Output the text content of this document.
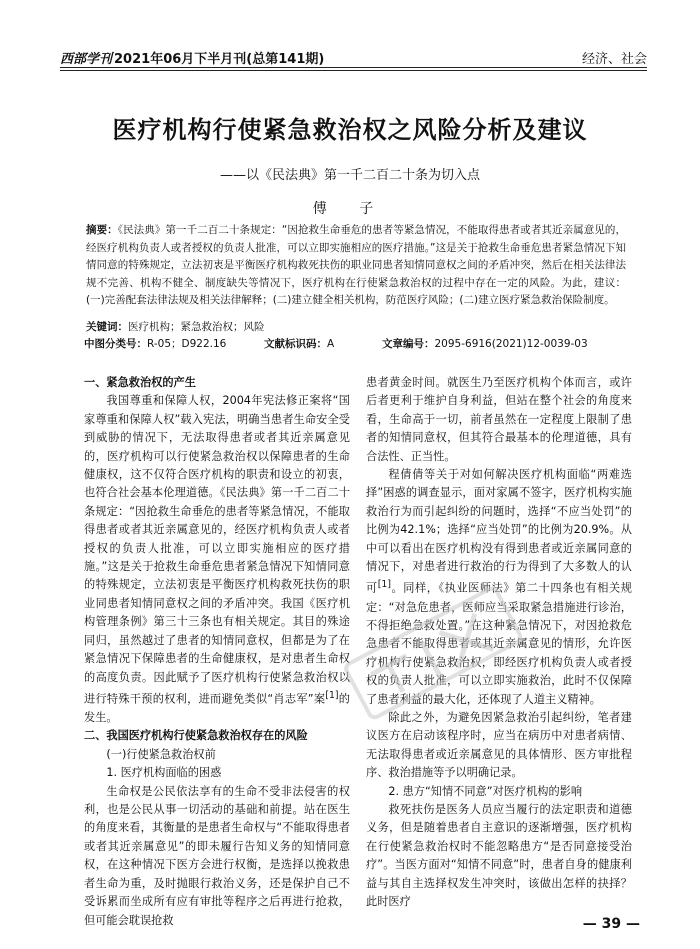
西部学刊 2021年06月下半月刊(总第141期)	经济、社会
医疗机构行使紧急救治权之风险分析及建议
——以《民法典》第一千二百二十条为切入点
傅 子
摘要：《民法典》第一千二百二十条规定：“因抢救生命垂危的患者等紧急情况，不能取得患者或者其近亲属意见的，经医疗机构负责人或者授权的负责人批准，可以立即实施相应的医疗措施。”这是关于抢救生命垂危患者紧急情况下知情同意的特殊规定，立法初衷是平衡医疗机构救死扶伤的职业同患者知情同意权之间的矛盾冲突，然后在相关法律法规不完善、机构不健全、制度缺失等情况下，医疗机构在行使紧急救治权的过程中存在一定的风险。为此，建议：(一)完善配套法律法规及相关法律解释；(二)建立健全相关机构，防范医疗风险；(二)建立医疗紧急救治保险制度。
关键词：医疗机构；紧急救治权；风险
中图分类号：R-05；D922.16	文献标识码：A	文章编号：2095-6916(2021)12-0039-03
一、紧急救治权的产生

我国尊重和保障人权，2004年宪法修正案将“国家尊重和保障人权”载入宪法，明确当患者生命安全受到威胁的情况下，无法取得患者或者其近亲属意见的，医疗机构可以行使紧急救治权以保障患者的生命健康权，这不仅符合医疗机构的职责和设立的初衷，也符合社会基本伦理道德。《民法典》第一千二百二十条规定：“因抢救生命垂危的患者等紧急情况，不能取得患者或者其近亲属意见的，经医疗机构负责人或者授权的负责人批准，可以立即实施相应的医疗措施。”这是关于抢救生命垂危患者紧急情况下知情同意的特殊规定，立法初衷是平衡医疗机构救死扶伤的职业同患者知情同意权之间的矛盾冲突。我国《医疗机构管理条例》第三十三条也有相关规定。其目的殊途同归，虽然越过了患者的知情同意权，但都是为了在紧急情况下保障患者的生命健康权，是对患者生命权的高度负责。因此赋予了医疗机构行使紧急救治权以进行特殊干预的权利，进而避免类似“肖志军”案[1]的发生。

二、我国医疗机构行使紧急救治权存在的风险
(一)行使紧急救治权前
1. 医疗机构面临的困惑

生命权是公民依法享有的生命不受非法侵害的权利，也是公民从事一切活动的基础和前提。站在医生的角度来看，其衡量的是患者生命权与“不能取得患者或者其近亲属意见”的即未履行告知义务的知情同意权，在这种情况下医方会进行权衡，是选择以挽救患者生命为重，及时抛眼行救治义务，还是保护自己不受诉累而坐成所有应有审批等程序之后再进行抢救，但可能会耽误抢救

患者黄金时间。就医生乃至医疗机构个体而言，或许后者更利于维护自身利益，但站在整个社会的角度来看，生命高于一切，前者虽然在一定程度上限制了患者的知情同意权，但其符合最基本的伦理道德，具有合法性、正当性。

程倩倩等关于对如何解决医疗机构面临“两难选择”困惑的调查显示，面对家属不签字，医疗机构实施救治行为而引起纠纷的问题时，选择“不应当处罚”的比例为42.1%；选择“应当处罚”的比例为20.9%。从中可以看出在医疗机构没有得到患者或近亲属同意的情况下，对患者进行救治的行为得到了大多数人的认可[1]。同样，《执业医师法》第二十四条也有相关规定：“对急危患者，医师应当采取紧急措施进行诊治，不得拒绝急救处置。”在这种紧急情况下，对因抢救危急患者不能取得患者或其近亲属意见的情形，允许医疗机构行使紧急救治权，即经医疗机构负责人或者授权的负责人批准，可以立即实施救治，此时不仅保障了患者利益的最大化，还体现了人道主义精神。

除此之外，为避免因紧急救治引起纠纷，笔者建议医方在启动该程序时，应当在病历中对患者病情、无法取得患者或近亲属意见的具体情形、医方审批程序、救治措施等予以明确记录。

2. 患方“知情不同意”对医疗机构的影响

救死扶伤是医务人员应当履行的法定职责和道德义务，但是随着患者自主意识的逐渐增强，医疗机构在行使紧急救治权时不能忽略患方“是否同意接受治疗”。当医方面对“知情不同意”时，患者自身的健康利益与其自主选择权发生冲突时，该做出怎样的抉择？此时医疗

— 39 —
